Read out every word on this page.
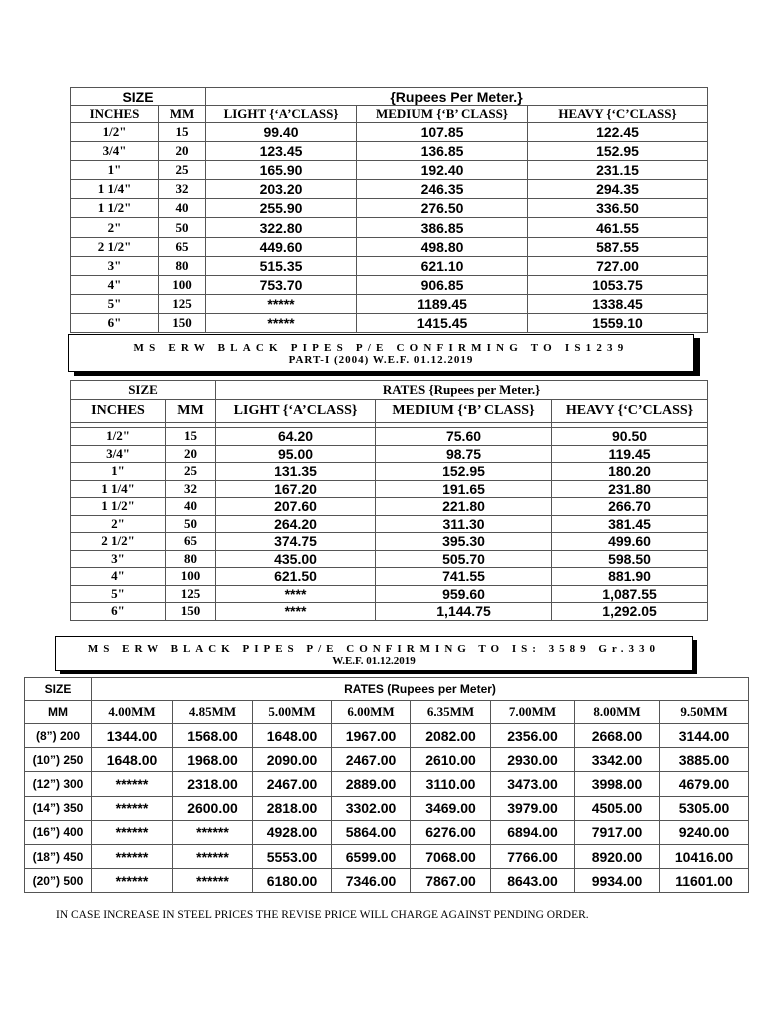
SIZE		{Rupees Per Meter.}		
INCHES	MM	LIGHT {‘A’CLASS}	MEDIUM {‘B’ CLASS}	HEAVY {‘C’CLASS}
1/2"	15	99.40	107.85	122.45
3/4"	20	123.45	136.85	152.95
1"	25	165.90	192.40	231.15
1 1/4"	32	203.20	246.35	294.35
1 1/2"	40	255.90	276.50	336.50
2"	50	322.80	386.85	461.55
2 1/2"	65	449.60	498.80	587.55
3"	80	515.35	621.10	727.00
4"	100	753.70	906.85	1053.75
5"	125	*****	1189.45	1338.45
6"	150	*****	1415.45	1559.10
MS ERW BLACK PIPES P/E CONFIRMING TO IS1239
PART-I (2004) W.E.F. 01.12.2019
SIZE		RATES {Rupees per Meter.}		
INCHES	MM	LIGHT {‘A’CLASS}	MEDIUM {‘B’ CLASS}	HEAVY {‘C’CLASS}

1/2"	15	64.20	75.60	90.50
3/4"	20	95.00	98.75	119.45
1"	25	131.35	152.95	180.20
1 1/4"	32	167.20	191.65	231.80
1 1/2"	40	207.60	221.80	266.70
2"	50	264.20	311.30	381.45
2 1/2"	65	374.75	395.30	499.60
3"	80	435.00	505.70	598.50
4"	100	621.50	741.55	881.90
5"	125	****	959.60	1,087.55
6"	150	****	1,144.75	1,292.05
MS ERW BLACK PIPES P/E CONFIRMING TO IS: 3589 Gr.330
W.E.F. 01.12.2019
SIZE	RATES (Rupees per Meter)							
MM	4.00MM	4.85MM	5.00MM	6.00MM	6.35MM	7.00MM	8.00MM	9.50MM
(8”) 200	1344.00	1568.00	1648.00	1967.00	2082.00	2356.00	2668.00	3144.00
(10”) 250	1648.00	1968.00	2090.00	2467.00	2610.00	2930.00	3342.00	3885.00
(12”) 300	******	2318.00	2467.00	2889.00	3110.00	3473.00	3998.00	4679.00
(14”) 350	******	2600.00	2818.00	3302.00	3469.00	3979.00	4505.00	5305.00
(16”) 400	******	******	4928.00	5864.00	6276.00	6894.00	7917.00	9240.00
(18”) 450	******	******	5553.00	6599.00	7068.00	7766.00	8920.00	10416.00
(20”) 500	******	******	6180.00	7346.00	7867.00	8643.00	9934.00	11601.00
IN CASE INCREASE IN STEEL PRICES THE REVISE PRICE WILL CHARGE AGAINST PENDING ORDER.
